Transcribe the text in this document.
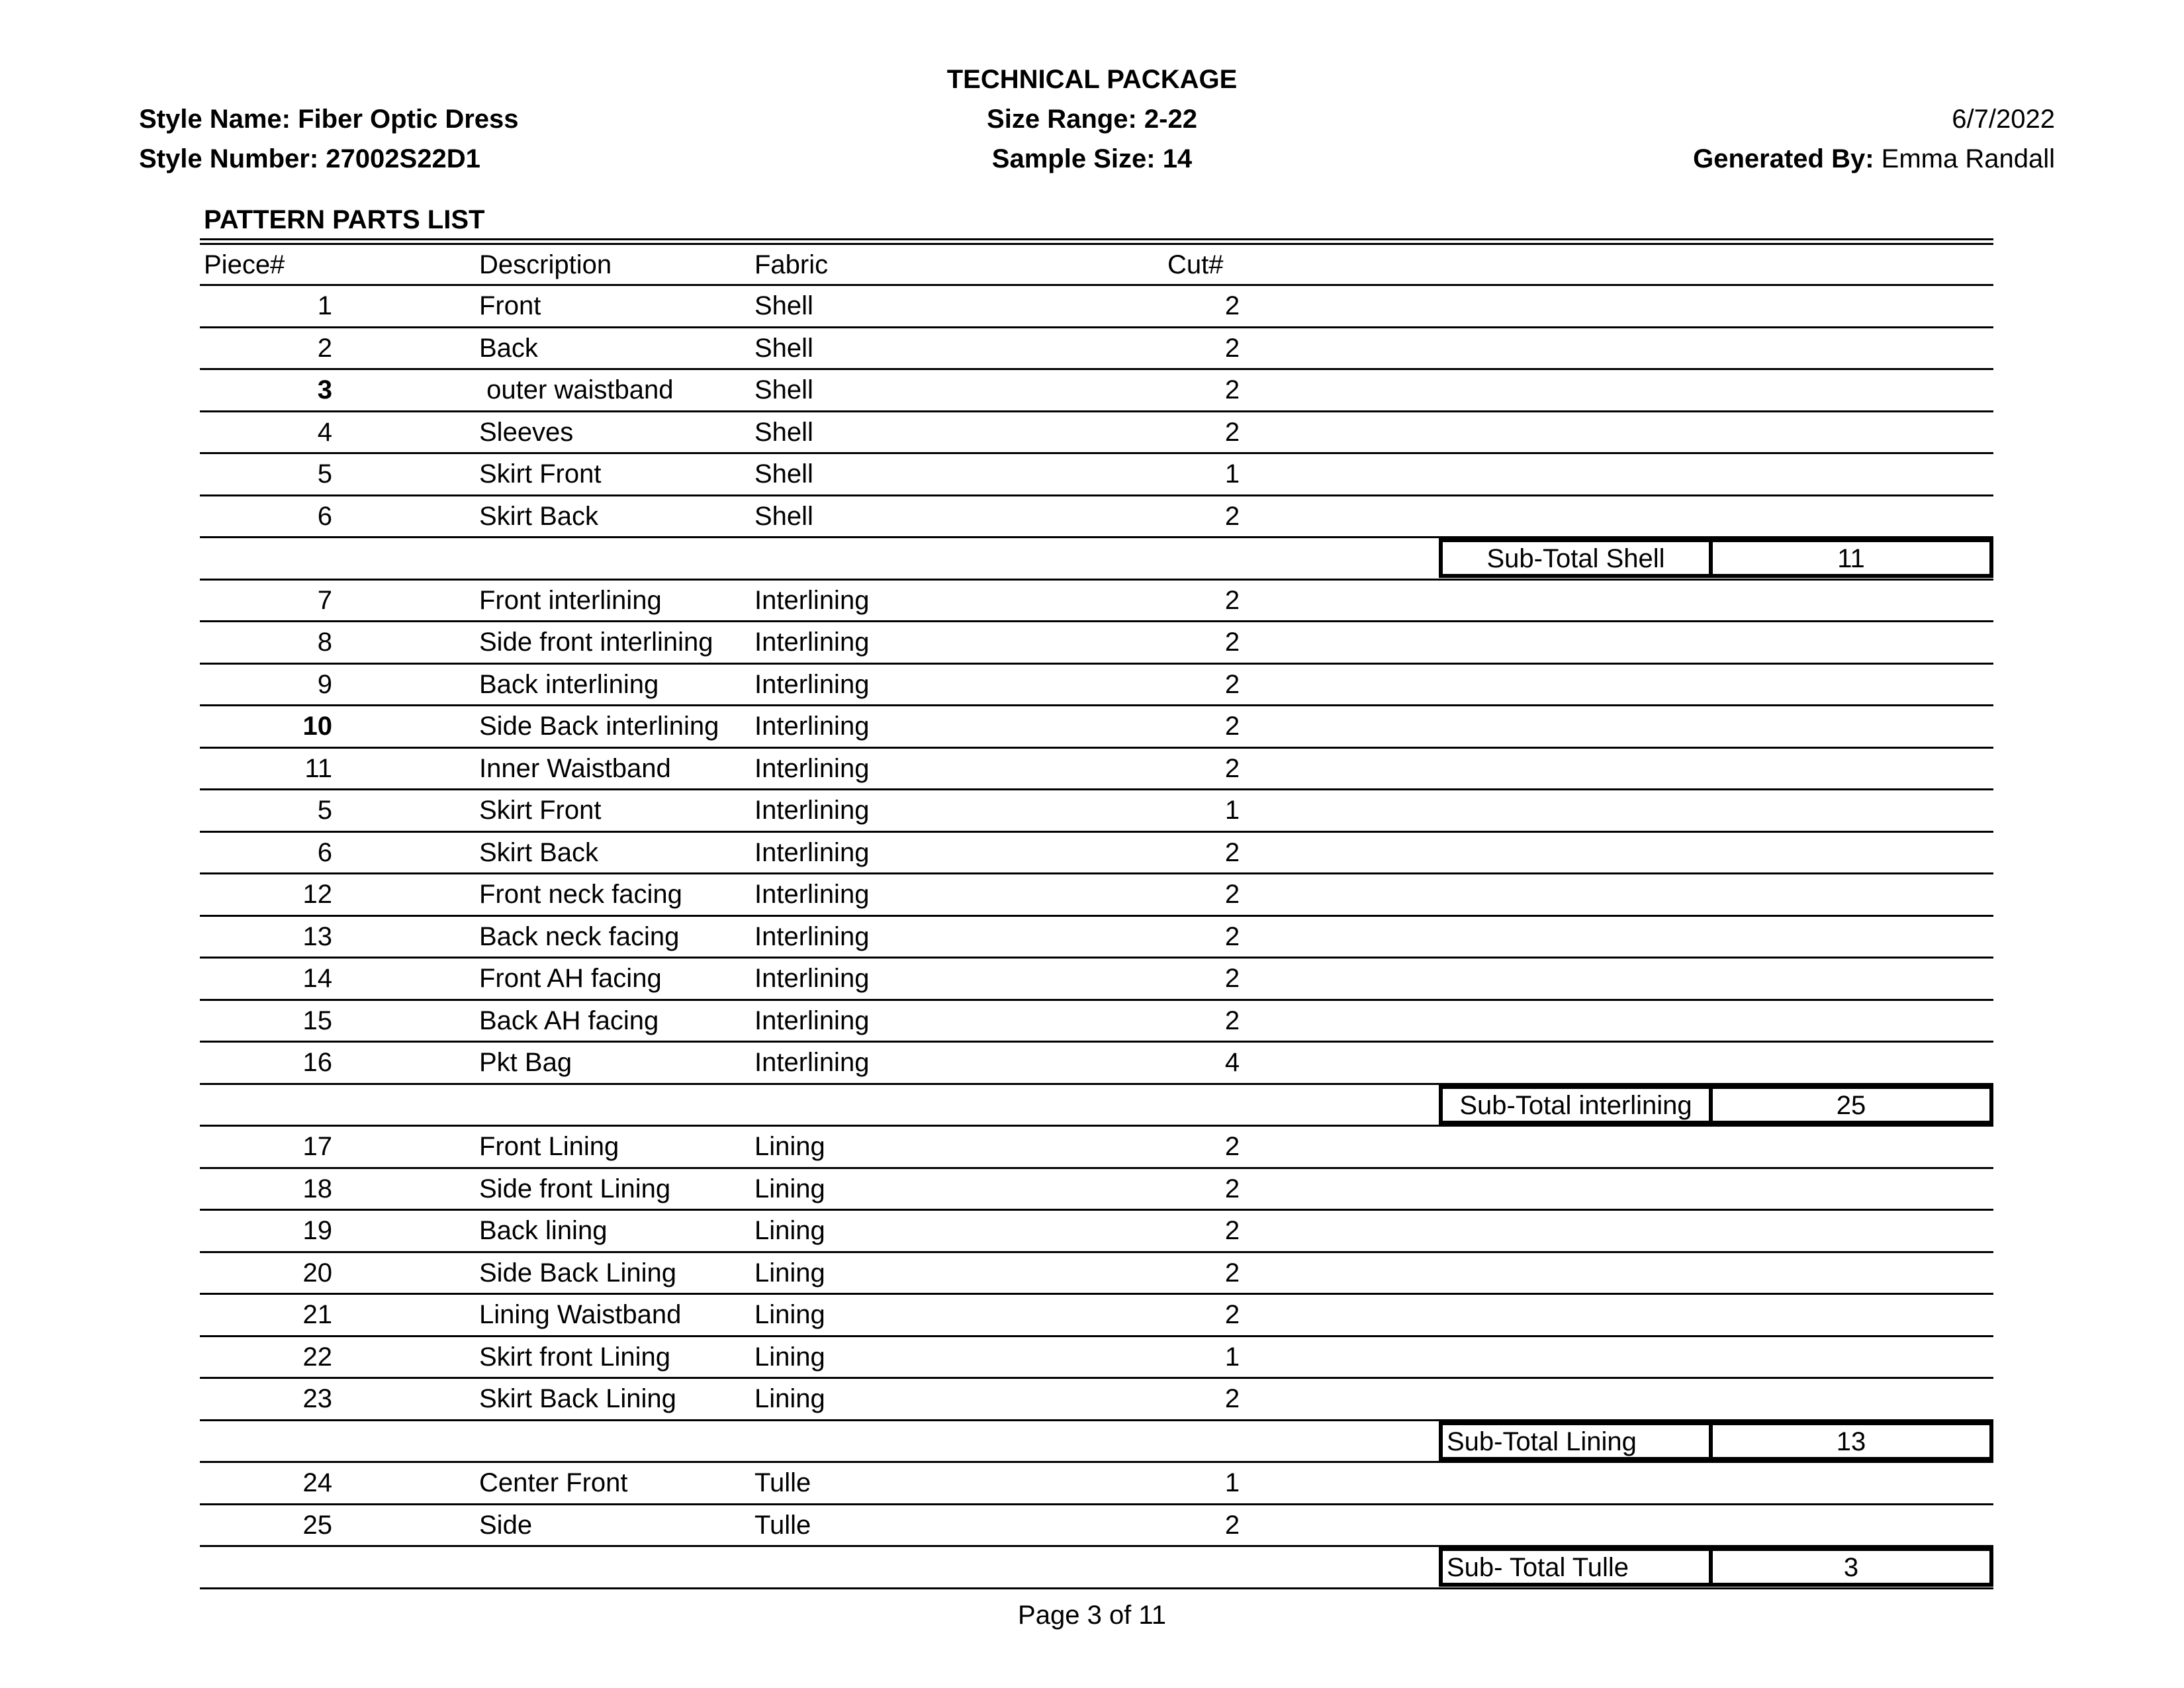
Style Name: Fiber Optic Dress
Style Number: 27002S22D1
TECHNICAL PACKAGE
Size Range: 2-22
Sample Size: 14
6/7/2022
Generated By: Emma Randall
PATTERN PARTS LIST
Piece#	Description	Fabric	Cut#
1	Front	Shell	2
2	Back	Shell	2
3	outer waistband	Shell	2
4	Sleeves	Shell	2
5	Skirt Front	Shell	1
6	Skirt Back	Shell	2
Sub-Total Shell	11
7	Front interlining	Interlining	2
8	Side front interlining Interlining	2
9	Back interlining	Interlining	2
10	Side Back interlining Interlining	2
11	Inner Waistband	Interlining	2
5	Skirt Front	Interlining	1
6	Skirt Back	Interlining	2
12	Front neck facing	Interlining	2
13	Back neck facing	Interlining	2
14	Front AH facing	Interlining	2
15	Back AH facing	Interlining	2
16	Pkt Bag	Interlining	4
Sub-Total interlining	25
17	Front Lining	Lining	2
18	Side front Lining	Lining	2
19	Back lining	Lining	2
20	Side Back Lining	Lining	2
21	Lining Waistband	Lining	2
22	Skirt front Lining	Lining	1
23	Skirt Back Lining	Lining	2
Sub-Total Lining	13
24	Center Front	Tulle	1
25	Side	Tulle	2
Sub- Total Tulle	3
Page 3 of 11
